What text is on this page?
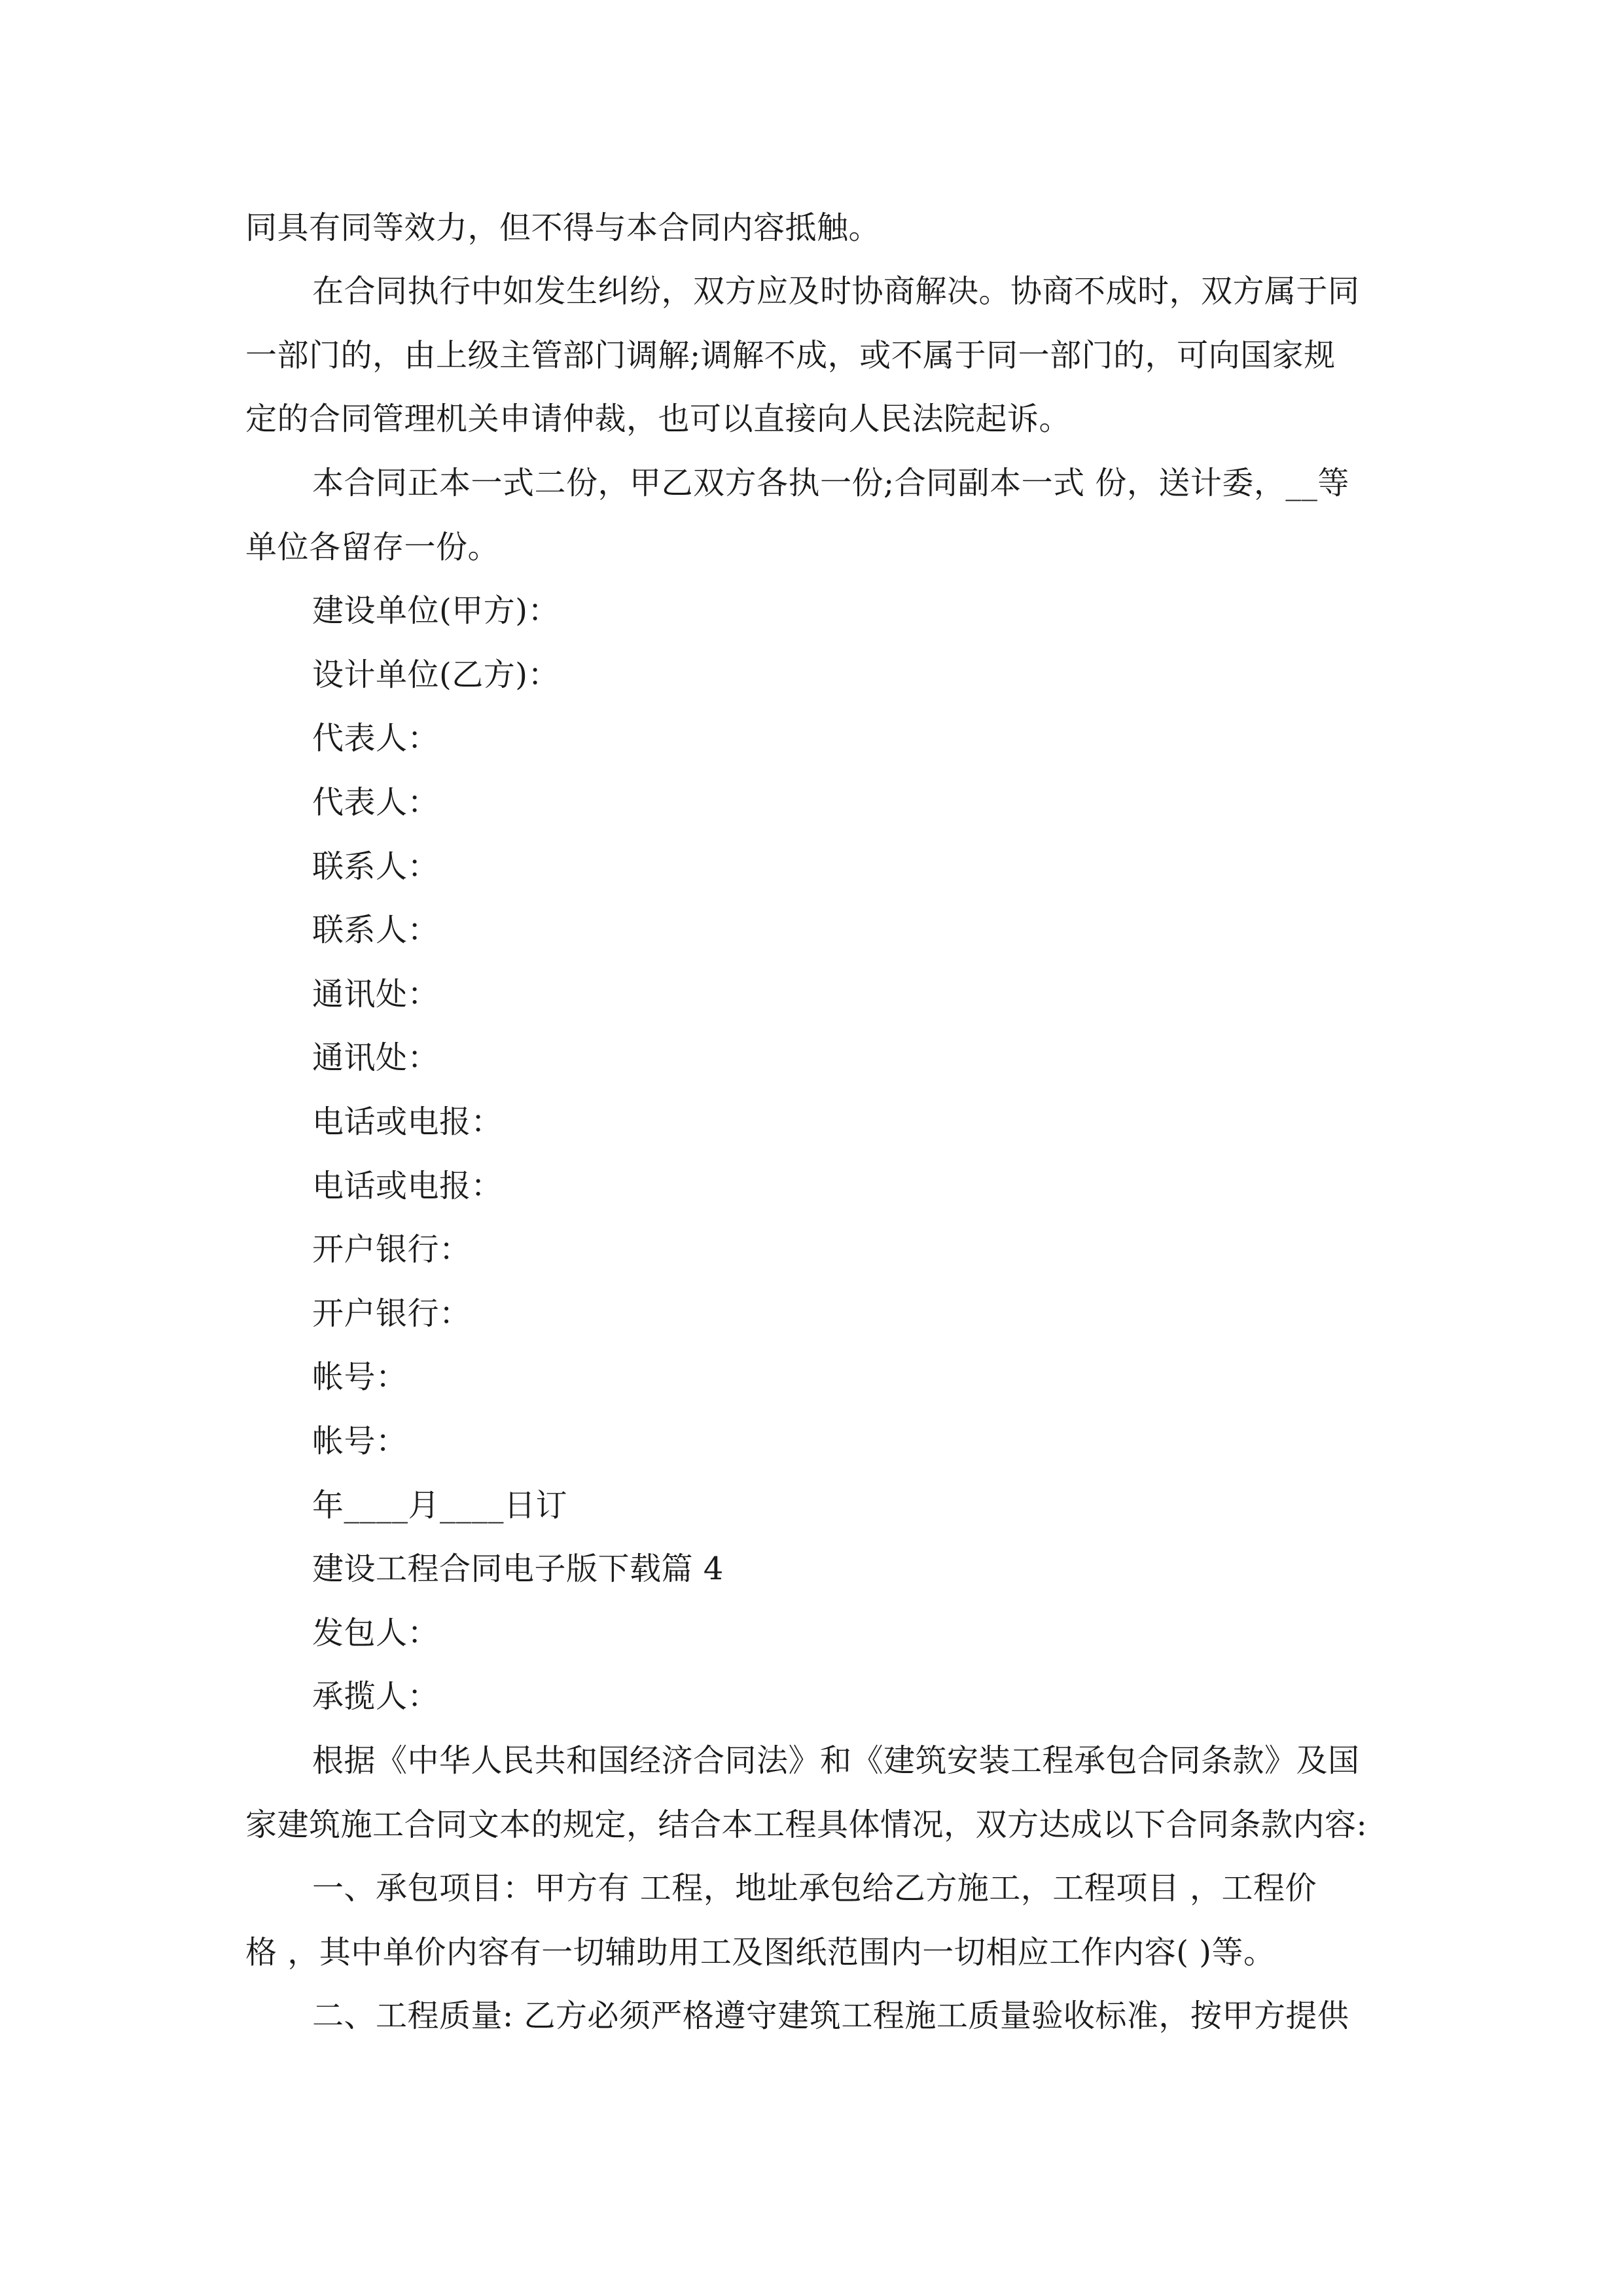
同具有同等效力，但不得与本合同内容抵触。
在合同执行中如发生纠纷，双方应及时协商解决。协商不成时，双方属于同
一部门的，由上级主管部门调解;调解不成，或不属于同一部门的，可向国家规
定的合同管理机关申请仲裁，也可以直接向人民法院起诉。
本合同正本一式二份，甲乙双方各执一份;合同副本一式 份，送计委，__等
单位各留存一份。
建设单位(甲方)：
设计单位(乙方)：
代表人：
代表人：
联系人：
联系人：
通讯处：
通讯处：
电话或电报：
电话或电报：
开户银行：
开户银行：
帐号：
帐号：
年____月____日订
建设工程合同电子版下载篇 4
发包人：
承揽人：
根据《中华人民共和国经济合同法》和《建筑安装工程承包合同条款》及国
家建筑施工合同文本的规定，结合本工程具体情况，双方达成以下合同条款内容:
一、承包项目：甲方有 工程，地址承包给乙方施工，工程项目 ，工程价
格 ，其中单价内容有一切辅助用工及图纸范围内一切相应工作内容( )等。
二、工程质量: 乙方必须严格遵守建筑工程施工质量验收标准，按甲方提供
